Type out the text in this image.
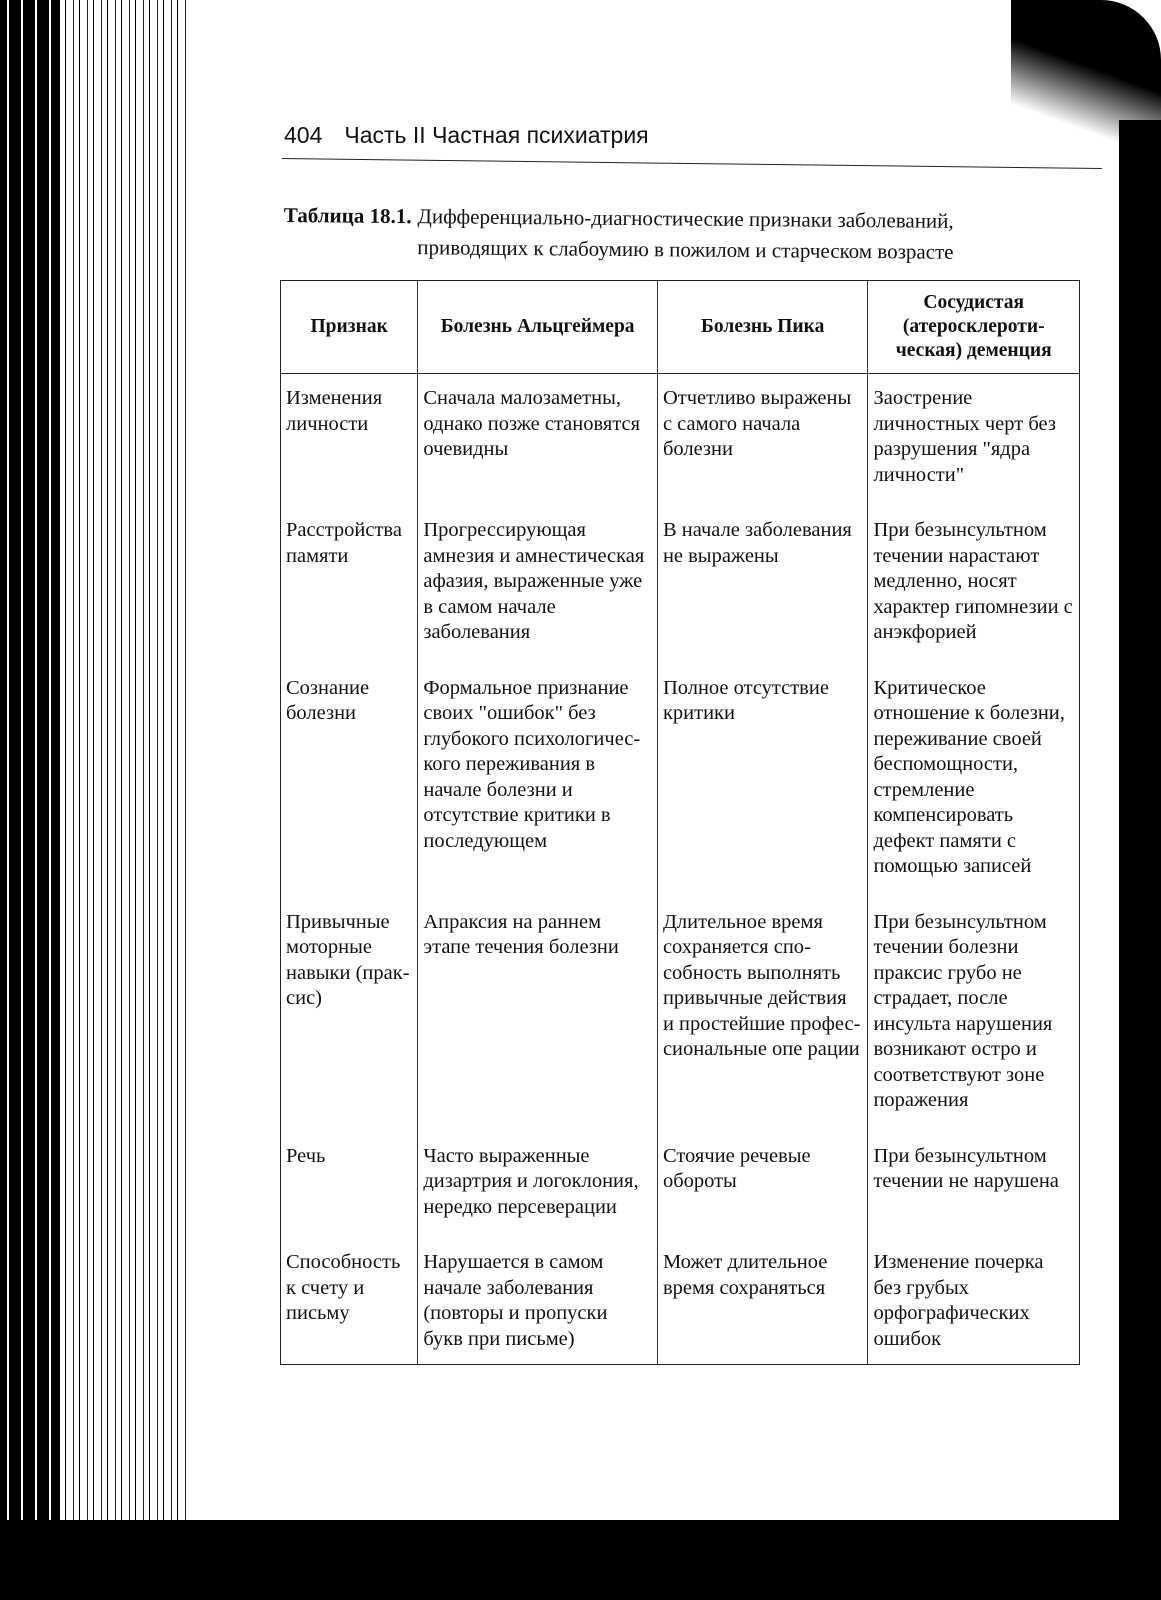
404 Часть II Частная психиатрия
Таблица 18.1. Дифференциально-диагностические признаки заболеваний, приводящих к слабоумию в пожилом и старческом возрасте
Признак	Болезнь Альцгеймера	Болезнь Пика	Сосудистая (атеросклеротическая) деменция
Изменения личности	Сначала малозаметны, однако позже становятся очевидны	Отчетливо выражены с самого начала болезни	Заострение личностных черт без разрушения "ядра личности"
Расстройства памяти	Прогрессирующая амнезия и амнестическая афазия, выраженные уже в самом начале заболевания	В начале заболевания не выражены	При безынсультном течении нарастают медленно, носят характер гипомнезии с анэкфорией
Сознание болезни	Формальное признание своих "ошибок" без глубокого психологического переживания в начале болезни и отсутствие критики в последующем	Полное отсутствие критики	Критическое отношение к болезни, переживание своей беспомощности, стремление компенсировать дефект памяти с помощью записей
Привычные моторные навыки (праксис)	Апраксия на раннем этапе течения болезни	Длительное время сохраняется способность выполнять привычные действия и простейшие профессиональные опе рации	При безынсультном течении болезни праксис грубо не страдает, после инсульта нарушения возникают остро и соответствуют зоне поражения
Речь	Часто выраженные дизартрия и логоклония, нередко персеверации	Стоячие речевые обороты	При безынсультном течении не нарушена
Способность к счету и письму	Нарушается в самом начале заболевания (повторы и пропуски букв при письме)	Может длительное время сохраняться	Изменение почерка без грубых орфографических ошибок
